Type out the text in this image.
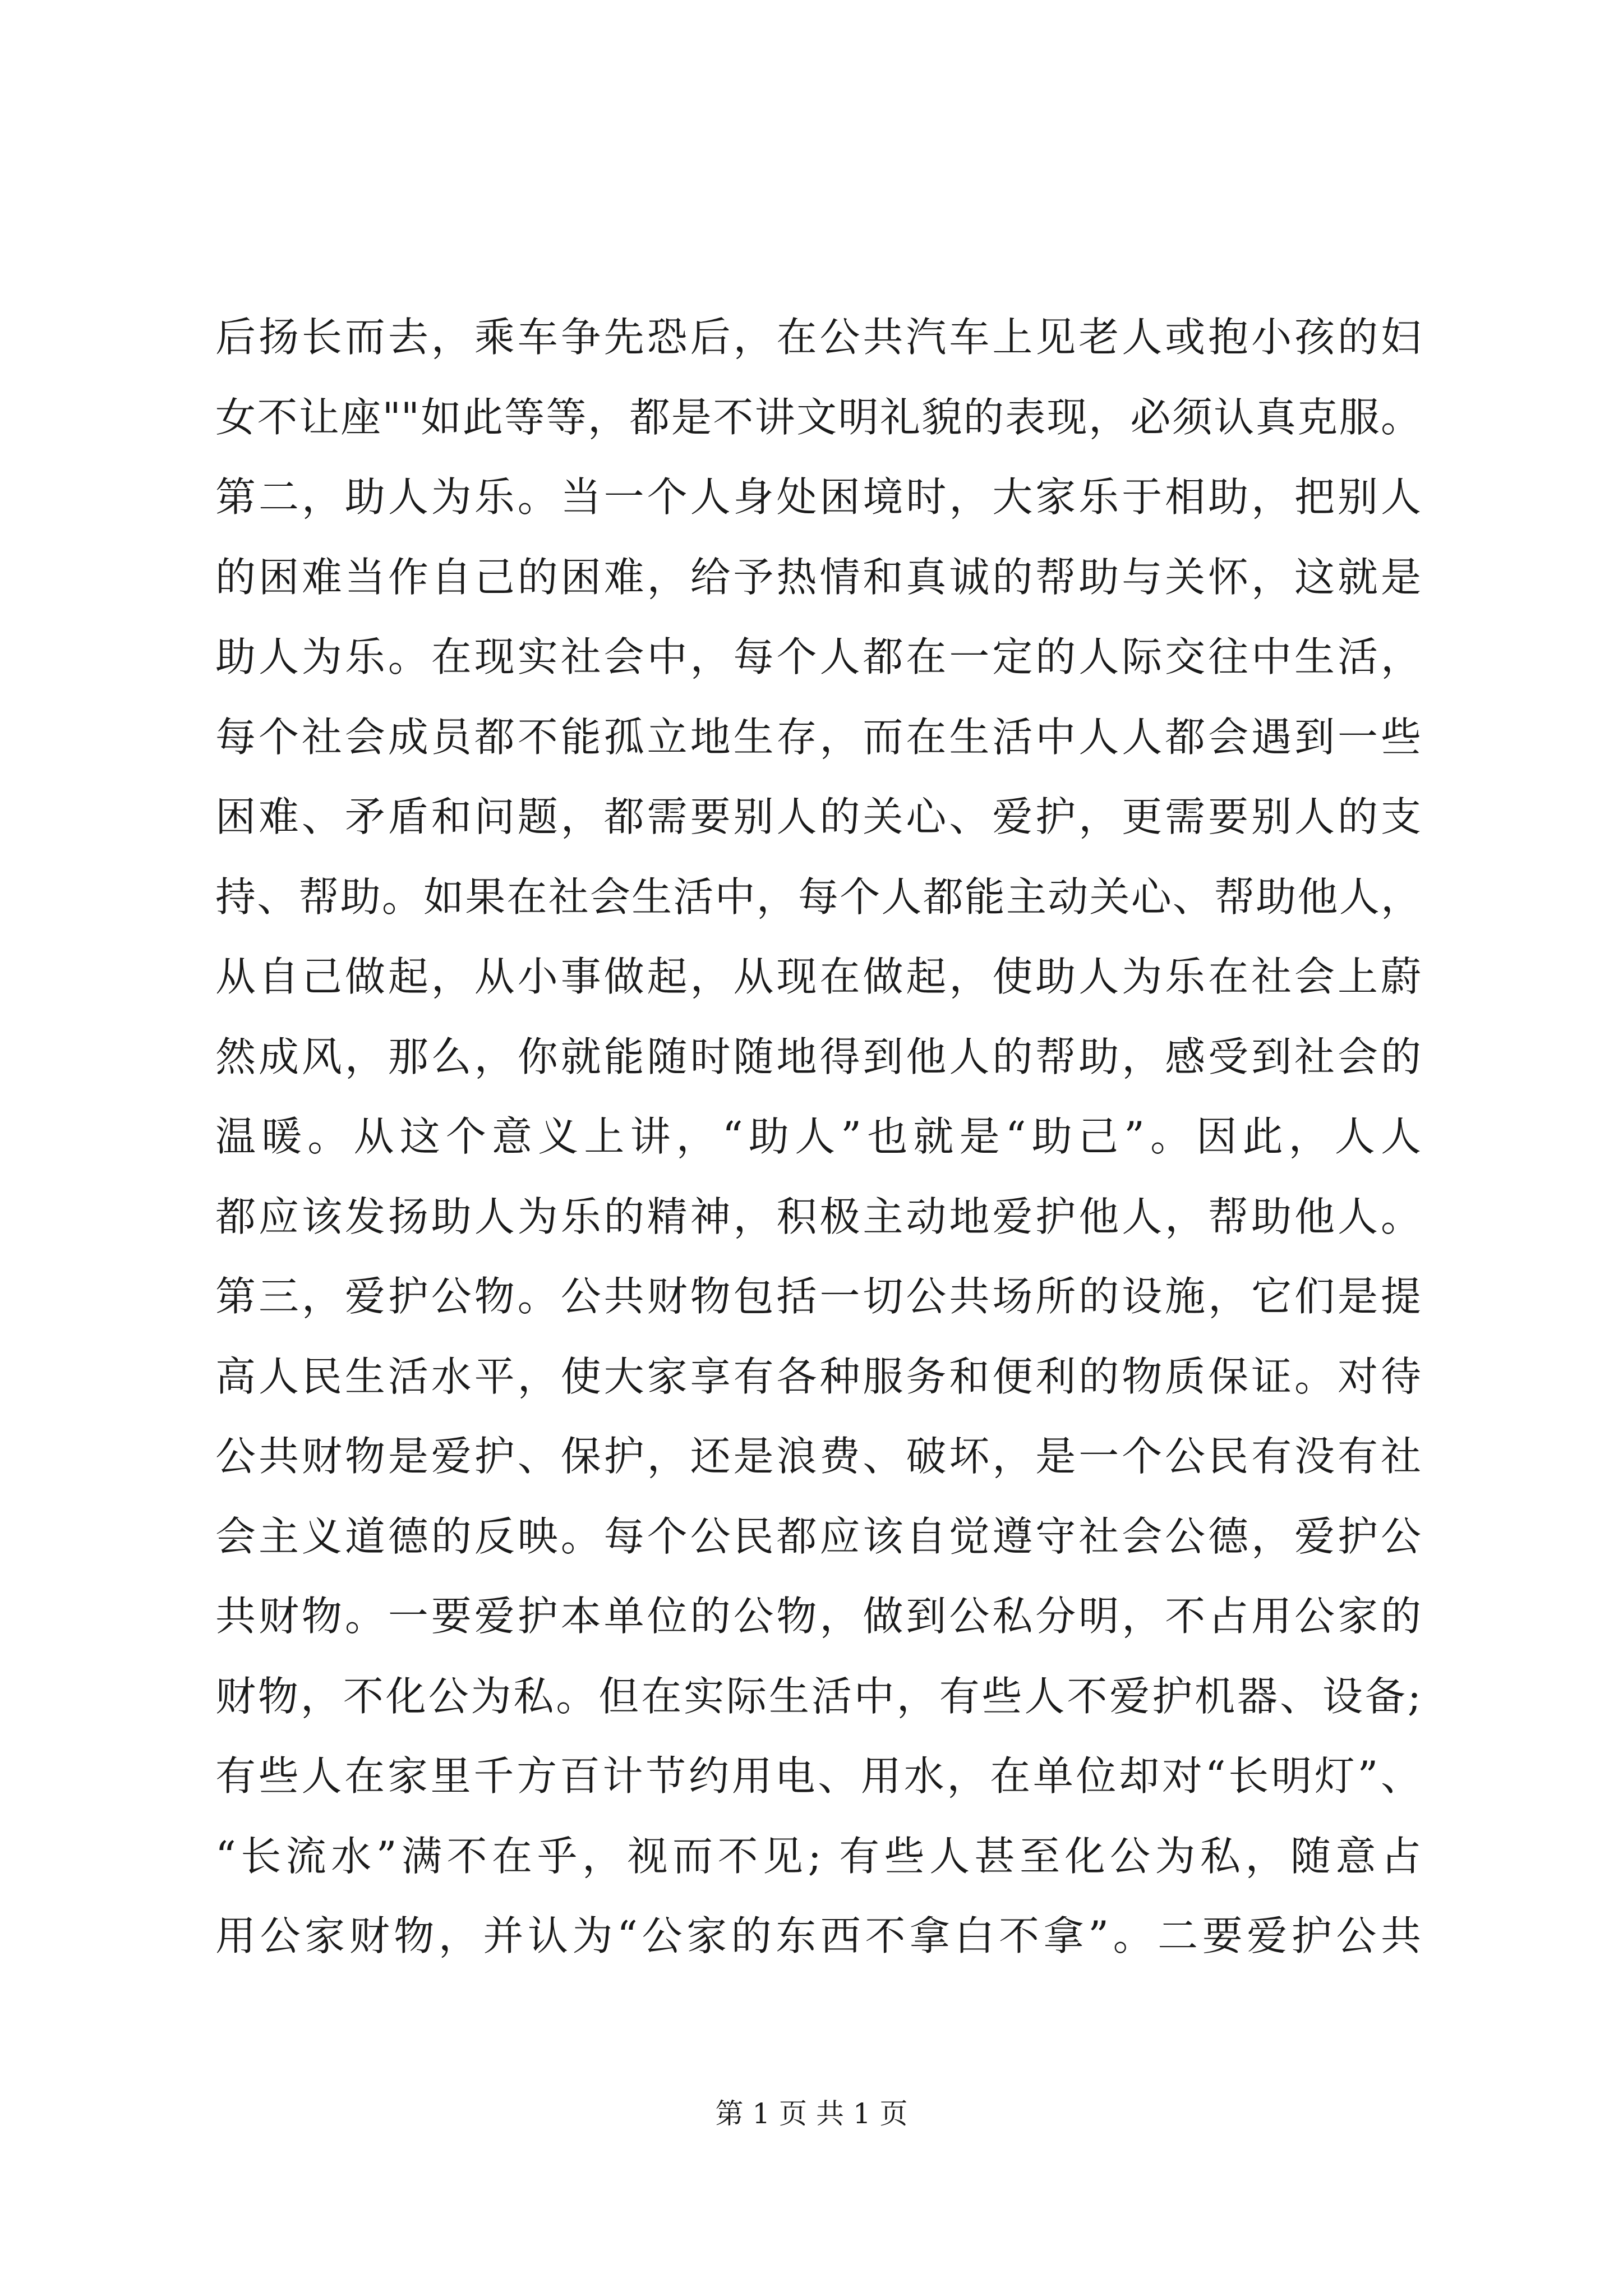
后扬长而去，乘车争先恐后，在公共汽车上见老人或抱小孩的妇
女不让座""如此等等，都是不讲文明礼貌的表现，必须认真克服。
第二，助人为乐。当一个人身处困境时，大家乐于相助，把别人
的困难当作自己的困难，给予热情和真诚的帮助与关怀，这就是
助人为乐。在现实社会中，每个人都在一定的人际交往中生活，
每个社会成员都不能孤立地生存，而在生活中人人都会遇到一些
困难、矛盾和问题，都需要别人的关心、爱护，更需要别人的支
持、帮助。如果在社会生活中，每个人都能主动关心、帮助他人，
从自己做起，从小事做起，从现在做起，使助人为乐在社会上蔚
然成风，那么，你就能随时随地得到他人的帮助，感受到社会的
温暖。从这个意义上讲，“助人”也就是“助己”。因此，人人
都应该发扬助人为乐的精神，积极主动地爱护他人，帮助他人。
第三，爱护公物。公共财物包括一切公共场所的设施，它们是提
高人民生活水平，使大家享有各种服务和便利的物质保证。对待
公共财物是爱护、保护，还是浪费、破坏，是一个公民有没有社
会主义道德的反映。每个公民都应该自觉遵守社会公德，爱护公
共财物。一要爱护本单位的公物，做到公私分明，不占用公家的
财物，不化公为私。但在实际生活中，有些人不爱护机器、设备;
有些人在家里千方百计节约用电、用水，在单位却对“长明灯”、
“长流水”满不在乎，视而不见; 有些人甚至化公为私，随意占
用公家财物，并认为“公家的东西不拿白不拿”。二要爱护公共
第 1 页 共 1 页
